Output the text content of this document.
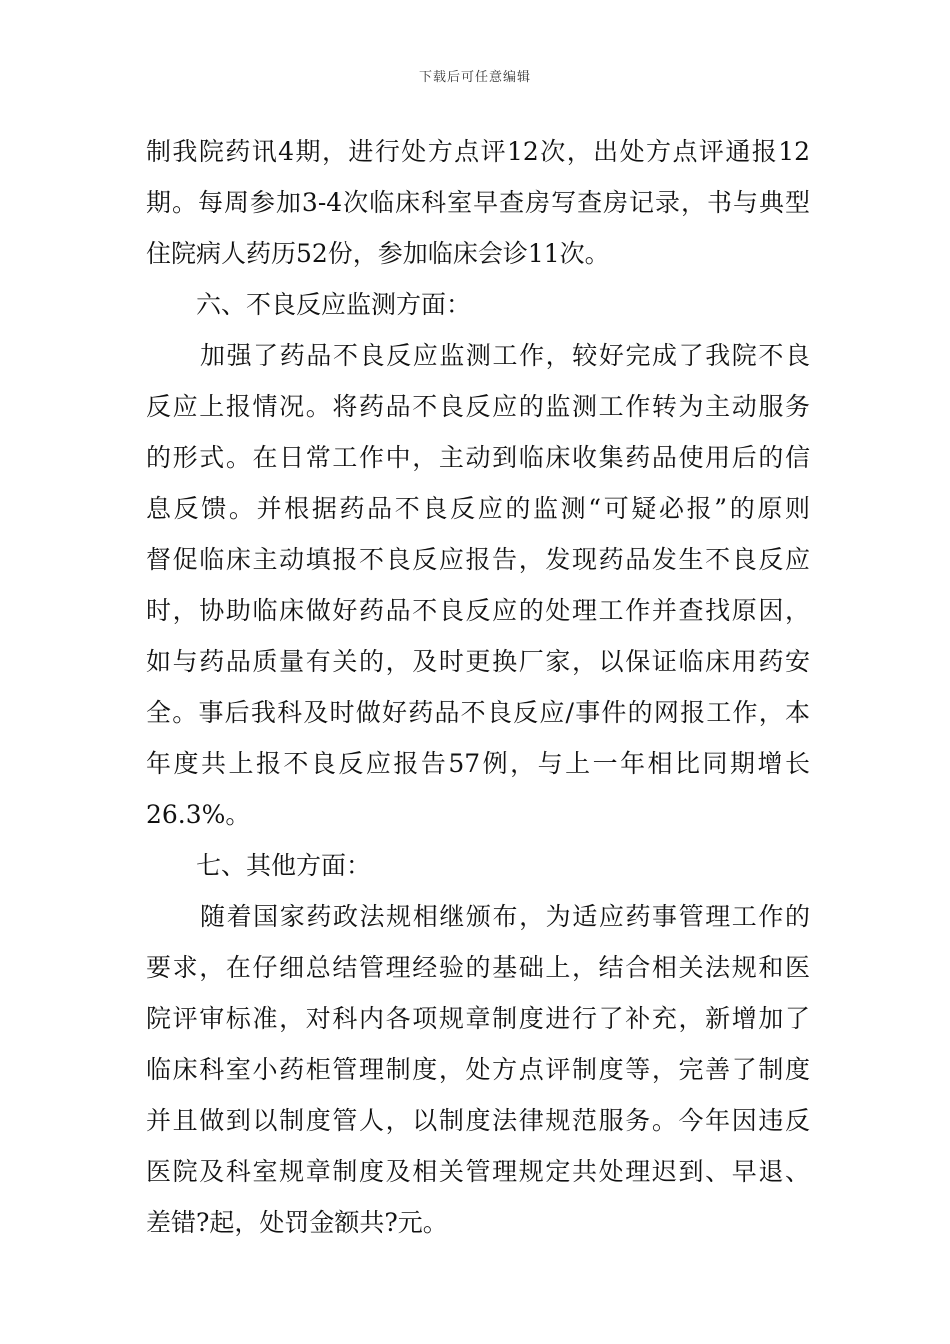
下载后可任意编辑
制我院药讯4期，进行处方点评12次，出处方点评通报12
期。每周参加3-4次临床科室早查房写查房记录，书与典型
住院病人药历52份，参加临床会诊11次。
六、不良反应监测方面：
加强了药品不良反应监测工作，较好完成了我院不良
反应上报情况。将药品不良反应的监测工作转为主动服务
的形式。在日常工作中，主动到临床收集药品使用后的信
息反馈。并根据药品不良反应的监测“可疑必报”的原则
督促临床主动填报不良反应报告，发现药品发生不良反应
时，协助临床做好药品不良反应的处理工作并查找原因，
如与药品质量有关的，及时更换厂家，以保证临床用药安
全。事后我科及时做好药品不良反应/事件的网报工作，本
年度共上报不良反应报告57例，与上一年相比同期增长
26.3%。
七、其他方面：
随着国家药政法规相继颁布，为适应药事管理工作的
要求，在仔细总结管理经验的基础上，结合相关法规和医
院评审标准，对科内各项规章制度进行了补充，新增加了
临床科室小药柜管理制度，处方点评制度等，完善了制度
并且做到以制度管人，以制度法律规范服务。今年因违反
医院及科室规章制度及相关管理规定共处理迟到、早退、
差错?起，处罚金额共?元。
